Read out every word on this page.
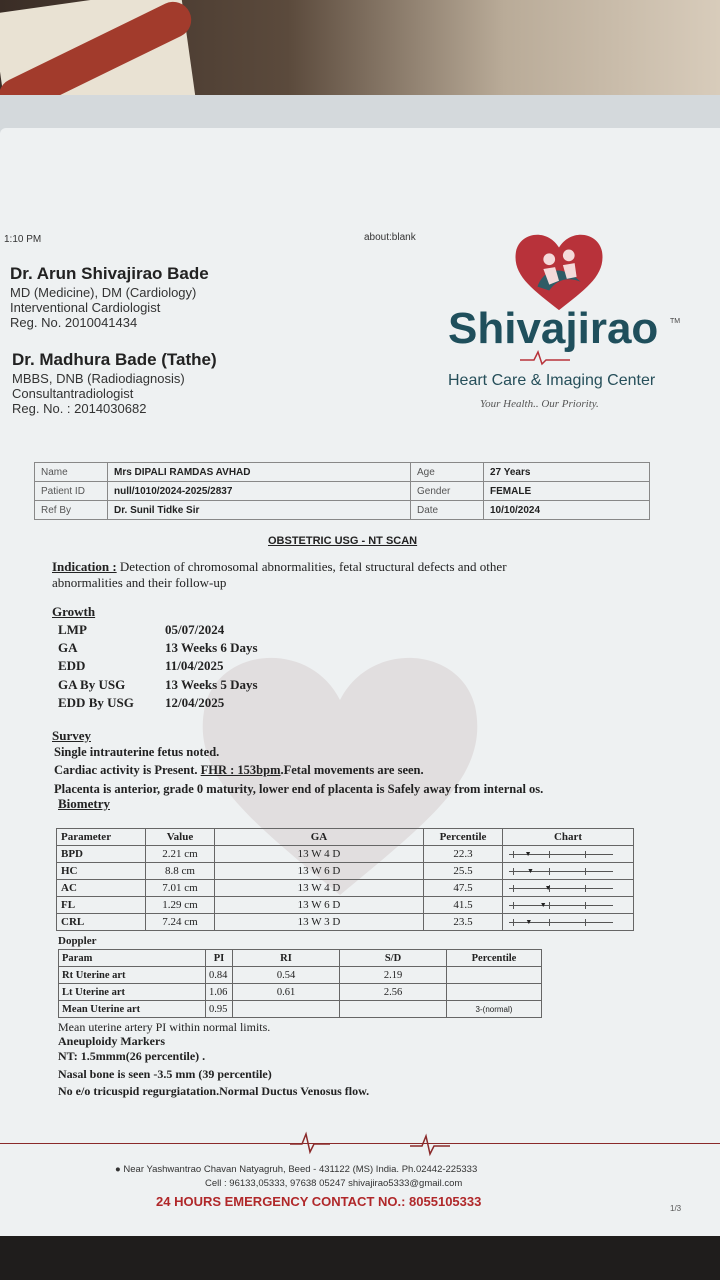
1:10 PM	about:blank
Dr. Arun Shivajirao Bade
MD (Medicine), DM (Cardiology)
Interventional Cardiologist
Reg. No. 2010041434
Dr. Madhura Bade (Tathe)
MBBS, DNB (Radiodiagnosis)
Consultantradiologist
Reg. No. : 2014030682
Shivajirao TM
Heart Care & Imaging Center
Your Health.. Our Priority.
Name	Mrs DIPALI RAMDAS AVHAD	Age	27 Years
Patient ID	null/1010/2024-2025/2837	Gender	FEMALE
Ref By	Dr. Sunil Tidke Sir	Date	10/10/2024
OBSTETRIC USG - NT SCAN
Indication : Detection of chromosomal abnormalities, fetal structural defects and other
abnormalities and their follow-up
Growth
LMP	05/07/2024
GA	13 Weeks 6 Days
EDD	11/04/2025
GA By USG	13 Weeks 5 Days
EDD By USG 12/04/2025
Survey
Single intrauterine fetus noted.
Cardiac activity is Present. FHR : 153bpm.Fetal movements are seen.
Placenta is anterior, grade 0 maturity, lower end of placenta is Safely away from internal os.
Biometry
Parameter	Value	GA	Percentile	Chart
BPD	2.21 cm	13 W 4 D	22.3	▼

HC	8.8 cm	13 W 6 D	25.5	▼

AC	7.01 cm	13 W 4 D	47.5	▼

FL	1.29 cm	13 W 6 D	41.5	▼

CRL	7.24 cm	13 W 3 D	23.5	▼
Doppler
Param	PI	RI	S/D	Percentile
Rt Uterine art	0.84	0.54	2.19	
Lt Uterine art	1.06	0.61	2.56	
Mean Uterine art	0.95			3-(normal)
Mean uterine artery PI within normal limits.
Aneuploidy Markers
NT: 1.5mmm(26 percentile) .
Nasal bone is seen -3.5 mm (39 percentile)
No e/o tricuspid regurgiatation.Normal Ductus Venosus flow.
● Near Yashwantrao Chavan Natyagruh, Beed - 431122 (MS) India. Ph.02442-225333
Cell : 96133,05333, 97638 05247 shivajirao5333@gmail.com
24 HOURS EMERGENCY CONTACT NO.: 8055105333	1/3
